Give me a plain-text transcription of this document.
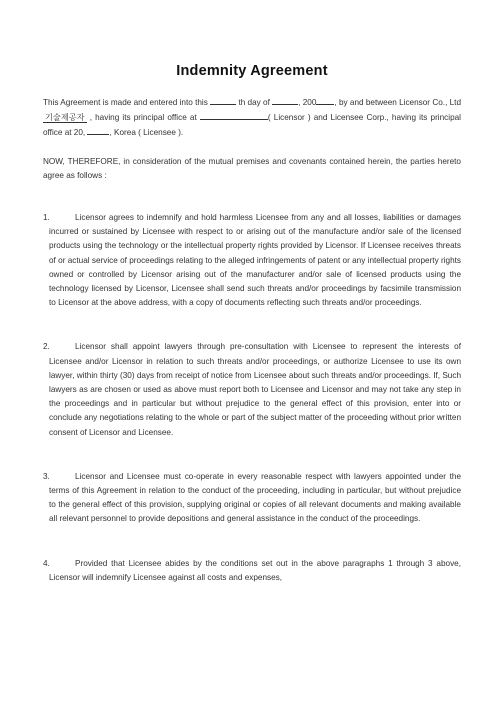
Indemnity Agreement

This Agreement is made and entered into this	th day of	, 200 , by and between Licensor Co., Ltd 기술제공자 , having its principal office at	( Licensor ) and Licensee Corp., having its principal office at 20,	, Korea ( Licensee ).

NOW, THEREFORE, in consideration of the mutual premises and covenants contained herein, the parties hereto agree as follows :

1.	Licensor agrees to indemnify and hold harmless Licensee from any and all losses, liabilities or damages incurred or sustained by Licensee with respect to or arising out of the manufacture and/or sale of the licensed products using the technology or the intellectual property rights provided by Licensor. If Licensee receives threats of or actual service of proceedings relating to the alleged infringements of patent or any intellectual property rights owned or controlled by Licensor arising out of the manufacturer and/or sale of licensed products using the technology licensed by Licensor, Licensee shall send such threats and/or proceedings by facsimile transmission to Licensor at the above address, with a copy of documents reflecting such threats and/or proceedings.
2.	Licensor shall appoint lawyers through pre-consultation with Licensee to represent the interests of Licensee and/or Licensor in relation to such threats and/or proceedings, or authorize Licensee to use its own lawyer, within thirty (30) days from receipt of notice from Licensee about such threats and/or proceedings. If, Such lawyers as are chosen or used as above must report both to Licensee and Licensor and may not take any step in the proceedings and in particular but without prejudice to the general effect of this provision, enter into or conclude any negotiations relating to the whole or part of the subject matter of the proceeding without prior written consent of Licensor and Licensee.
3.	Licensor and Licensee must co-operate in every reasonable respect with lawyers appointed under the terms of this Agreement in relation to the conduct of the proceeding, including in particular, but without prejudice to the general effect of this provision, supplying original or copies of all relevant documents and making available all relevant personnel to provide depositions and general assistance in the conduct of the proceedings.
4.	Provided that Licensee abides by the conditions set out in the above paragraphs 1 through 3 above, Licensor will indemnify Licensee against all costs and expenses,
